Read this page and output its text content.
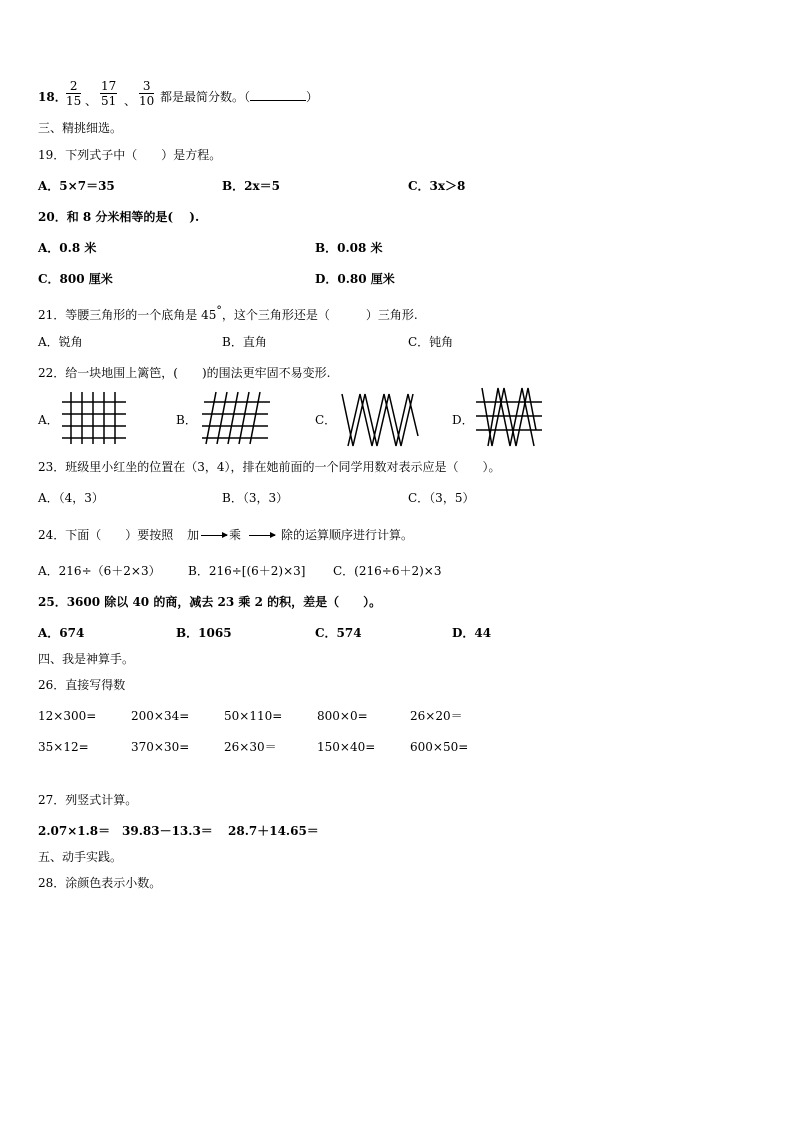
18． $\frac{2}{15}$ 、 $\frac{17}{51}$ 、 $\frac{3}{10}$ 都是最简分数。（	）
三、精挑细选。
19．下列式子中（　　）是方程。
A．5×7＝35	B．2x＝5	C．3x＞8
20．和 8 分米相等的是(　 ).
A．0.8 米	B．0.08 米
C．800 厘米	D．0.80 厘米
21．等腰三角形的一个底角是 45°，这个三角形还是（　　　）三角形.
A．锐角	B．直角	C．钝角
22．给一块地围上篱笆，(　　)的围法更牢固不易变形.
A．	B．	C．	D．
23．班级里小红坐的位置在（3，4），排在她前面的一个同学用数对表示应是（　　）。
A．（4，3）	B．（3，3）	C．（3，5）
24．下面（　　）要按照 加	乘	除的运算顺序进行计算。
A．216÷（6＋2×3） B．216÷[(6＋2)×3] C．(216÷6＋2)×3
25．3600 除以 40 的商，减去 23 乘 2 的积，差是（　　）。
A．674	B．1065	C．574	D．44
四、我是神算手。
26．直接写得数
12×300=	200×34=	50×110=	800×0=	26×20＝
35×12=	370×30=	26×30＝	150×40=	600×50=
27．列竖式计算。
2.07×1.8＝ 39.83－13.3＝ 28.7＋14.65＝
五、动手实践。
28．涂颜色表示小数。
